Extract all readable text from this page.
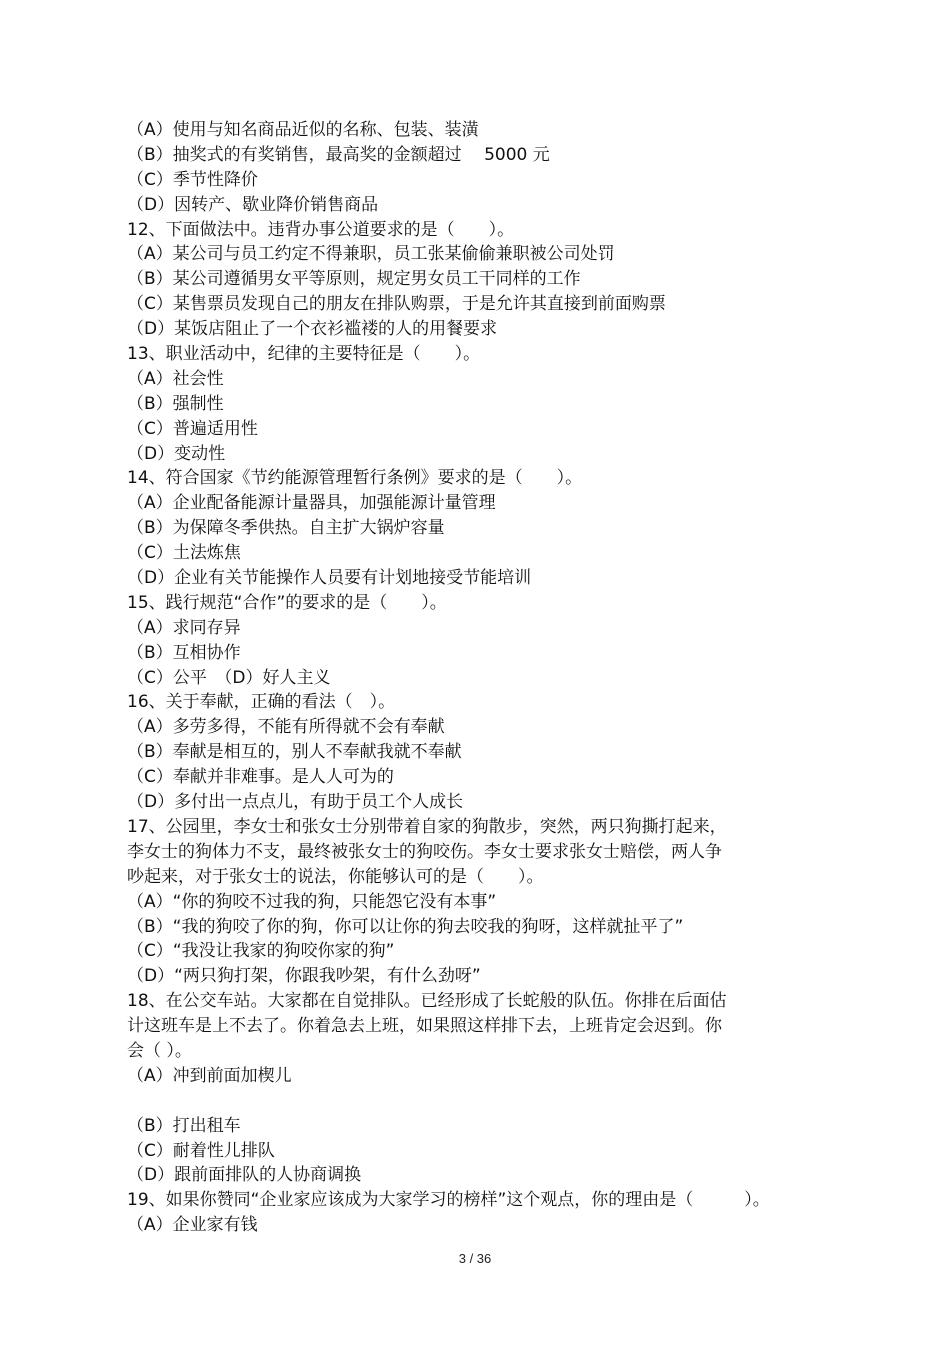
（A）使用与知名商品近似的名称、包装、装潢
（B）抽奖式的有奖销售，最高奖的金额超过　 5000 元
（C）季节性降价
（D）因转产、歇业降价销售商品
12、下面做法中。违背办事公道要求的是（　　）。
（A）某公司与员工约定不得兼职，员工张某偷偷兼职被公司处罚
（B）某公司遵循男女平等原则，规定男女员工干同样的工作
（C）某售票员发现自己的朋友在排队购票，于是允许其直接到前面购票
（D）某饭店阻止了一个衣衫褴褛的人的用餐要求
13、职业活动中，纪律的主要特征是（　　）。
（A）社会性
（B）强制性
（C）普遍适用性
（D）变动性
14、符合国家《节约能源管理暂行条例》要求的是（　　）。
（A）企业配备能源计量器具，加强能源计量管理
（B）为保障冬季供热。自主扩大锅炉容量
（C）土法炼焦
（D）企业有关节能操作人员要有计划地接受节能培训
15、践行规范“合作”的要求的是（　　）。
（A）求同存异
（B）互相协作
（C）公平　（D）好人主义
16、关于奉献，正确的看法（　）。
（A）多劳多得，不能有所得就不会有奉献
（B）奉献是相互的，别人不奉献我就不奉献
（C）奉献并非难事。是人人可为的
（D）多付出一点点儿，有助于员工个人成长
17、公园里，李女士和张女士分别带着自家的狗散步，突然，两只狗撕打起来，
李女士的狗体力不支，最终被张女士的狗咬伤。李女士要求张女士赔偿，两人争
吵起来，对于张女士的说法，你能够认可的是（　　）。
（A）“你的狗咬不过我的狗，只能怨它没有本事”
（B）“我的狗咬了你的狗，你可以让你的狗去咬我的狗呀，这样就扯平了”
（C）“我没让我家的狗咬你家的狗”
（D）“两只狗打架，你跟我吵架，有什么劲呀”
18、在公交车站。大家都在自觉排队。已经形成了长蛇般的队伍。你排在后面估
计这班车是上不去了。你着急去上班，如果照这样排下去，上班肯定会迟到。你
会（ ）。
（A）冲到前面加楔儿
（B）打出租车
（C）耐着性儿排队
（D）跟前面排队的人协商调换
19、如果你赞同“企业家应该成为大家学习的榜样”这个观点，你的理由是（　　　）。
（A）企业家有钱
3 / 36
